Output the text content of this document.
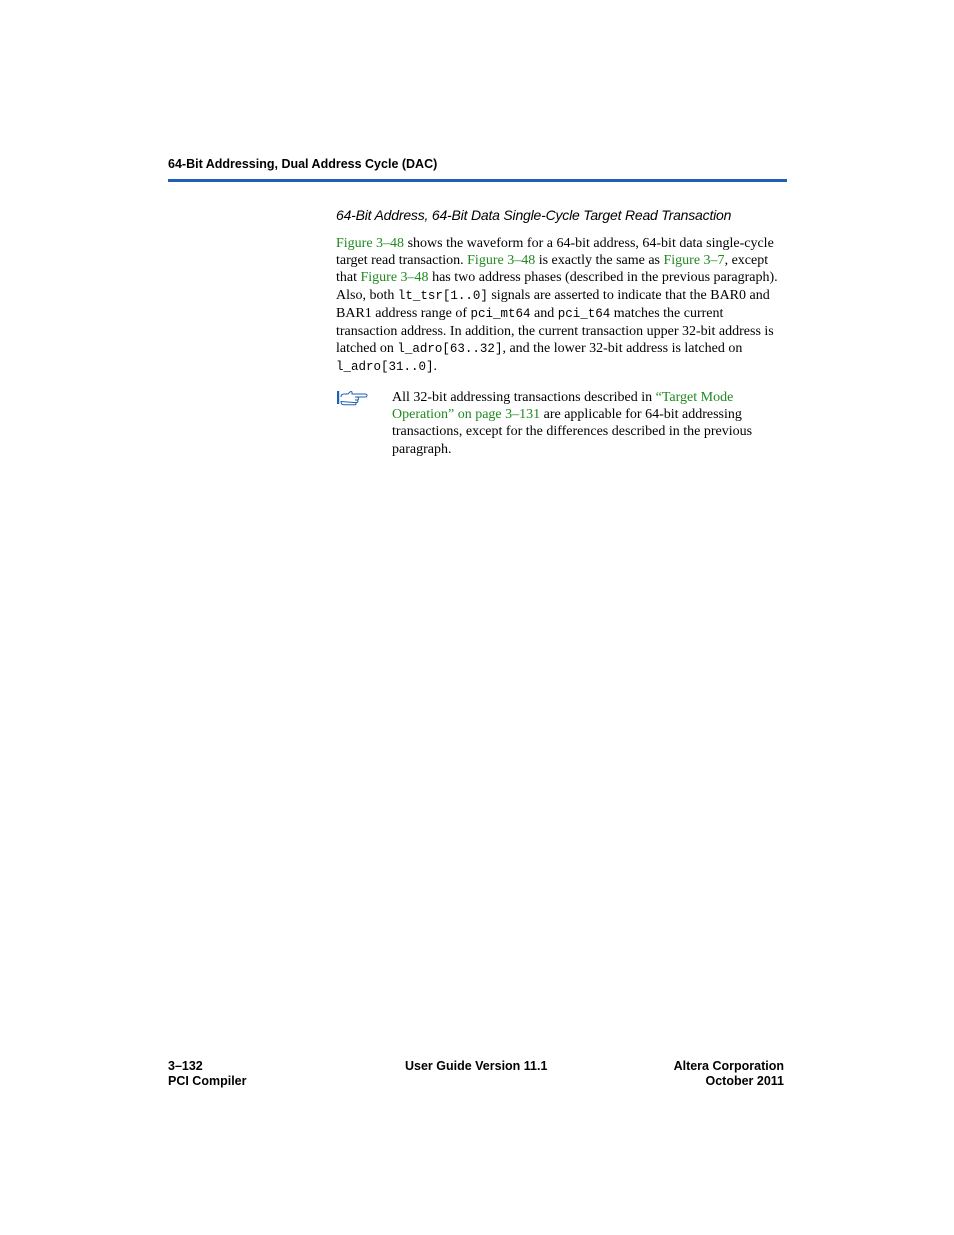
64-Bit Addressing, Dual Address Cycle (DAC)
64-Bit Address, 64-Bit Data Single-Cycle Target Read Transaction
Figure 3–48 shows the waveform for a 64-bit address, 64-bit data single-cycle target read transaction. Figure 3–48 is exactly the same as Figure 3–7, except that Figure 3–48 has two address phases (described in the previous paragraph). Also, both lt_tsr[1..0] signals are asserted to indicate that the BAR0 and BAR1 address range of pci_mt64 and pci_t64 matches the current transaction address. In addition, the current transaction upper 32-bit address is latched on l_adro[63..32], and the lower 32-bit address is latched on l_adro[31..0].
All 32-bit addressing transactions described in “Target Mode Operation” on page 3–131 are applicable for 64-bit addressing transactions, except for the differences described in the previous paragraph.
3–132
PCI Compiler
User Guide Version 11.1	Altera Corporation
October 2011
